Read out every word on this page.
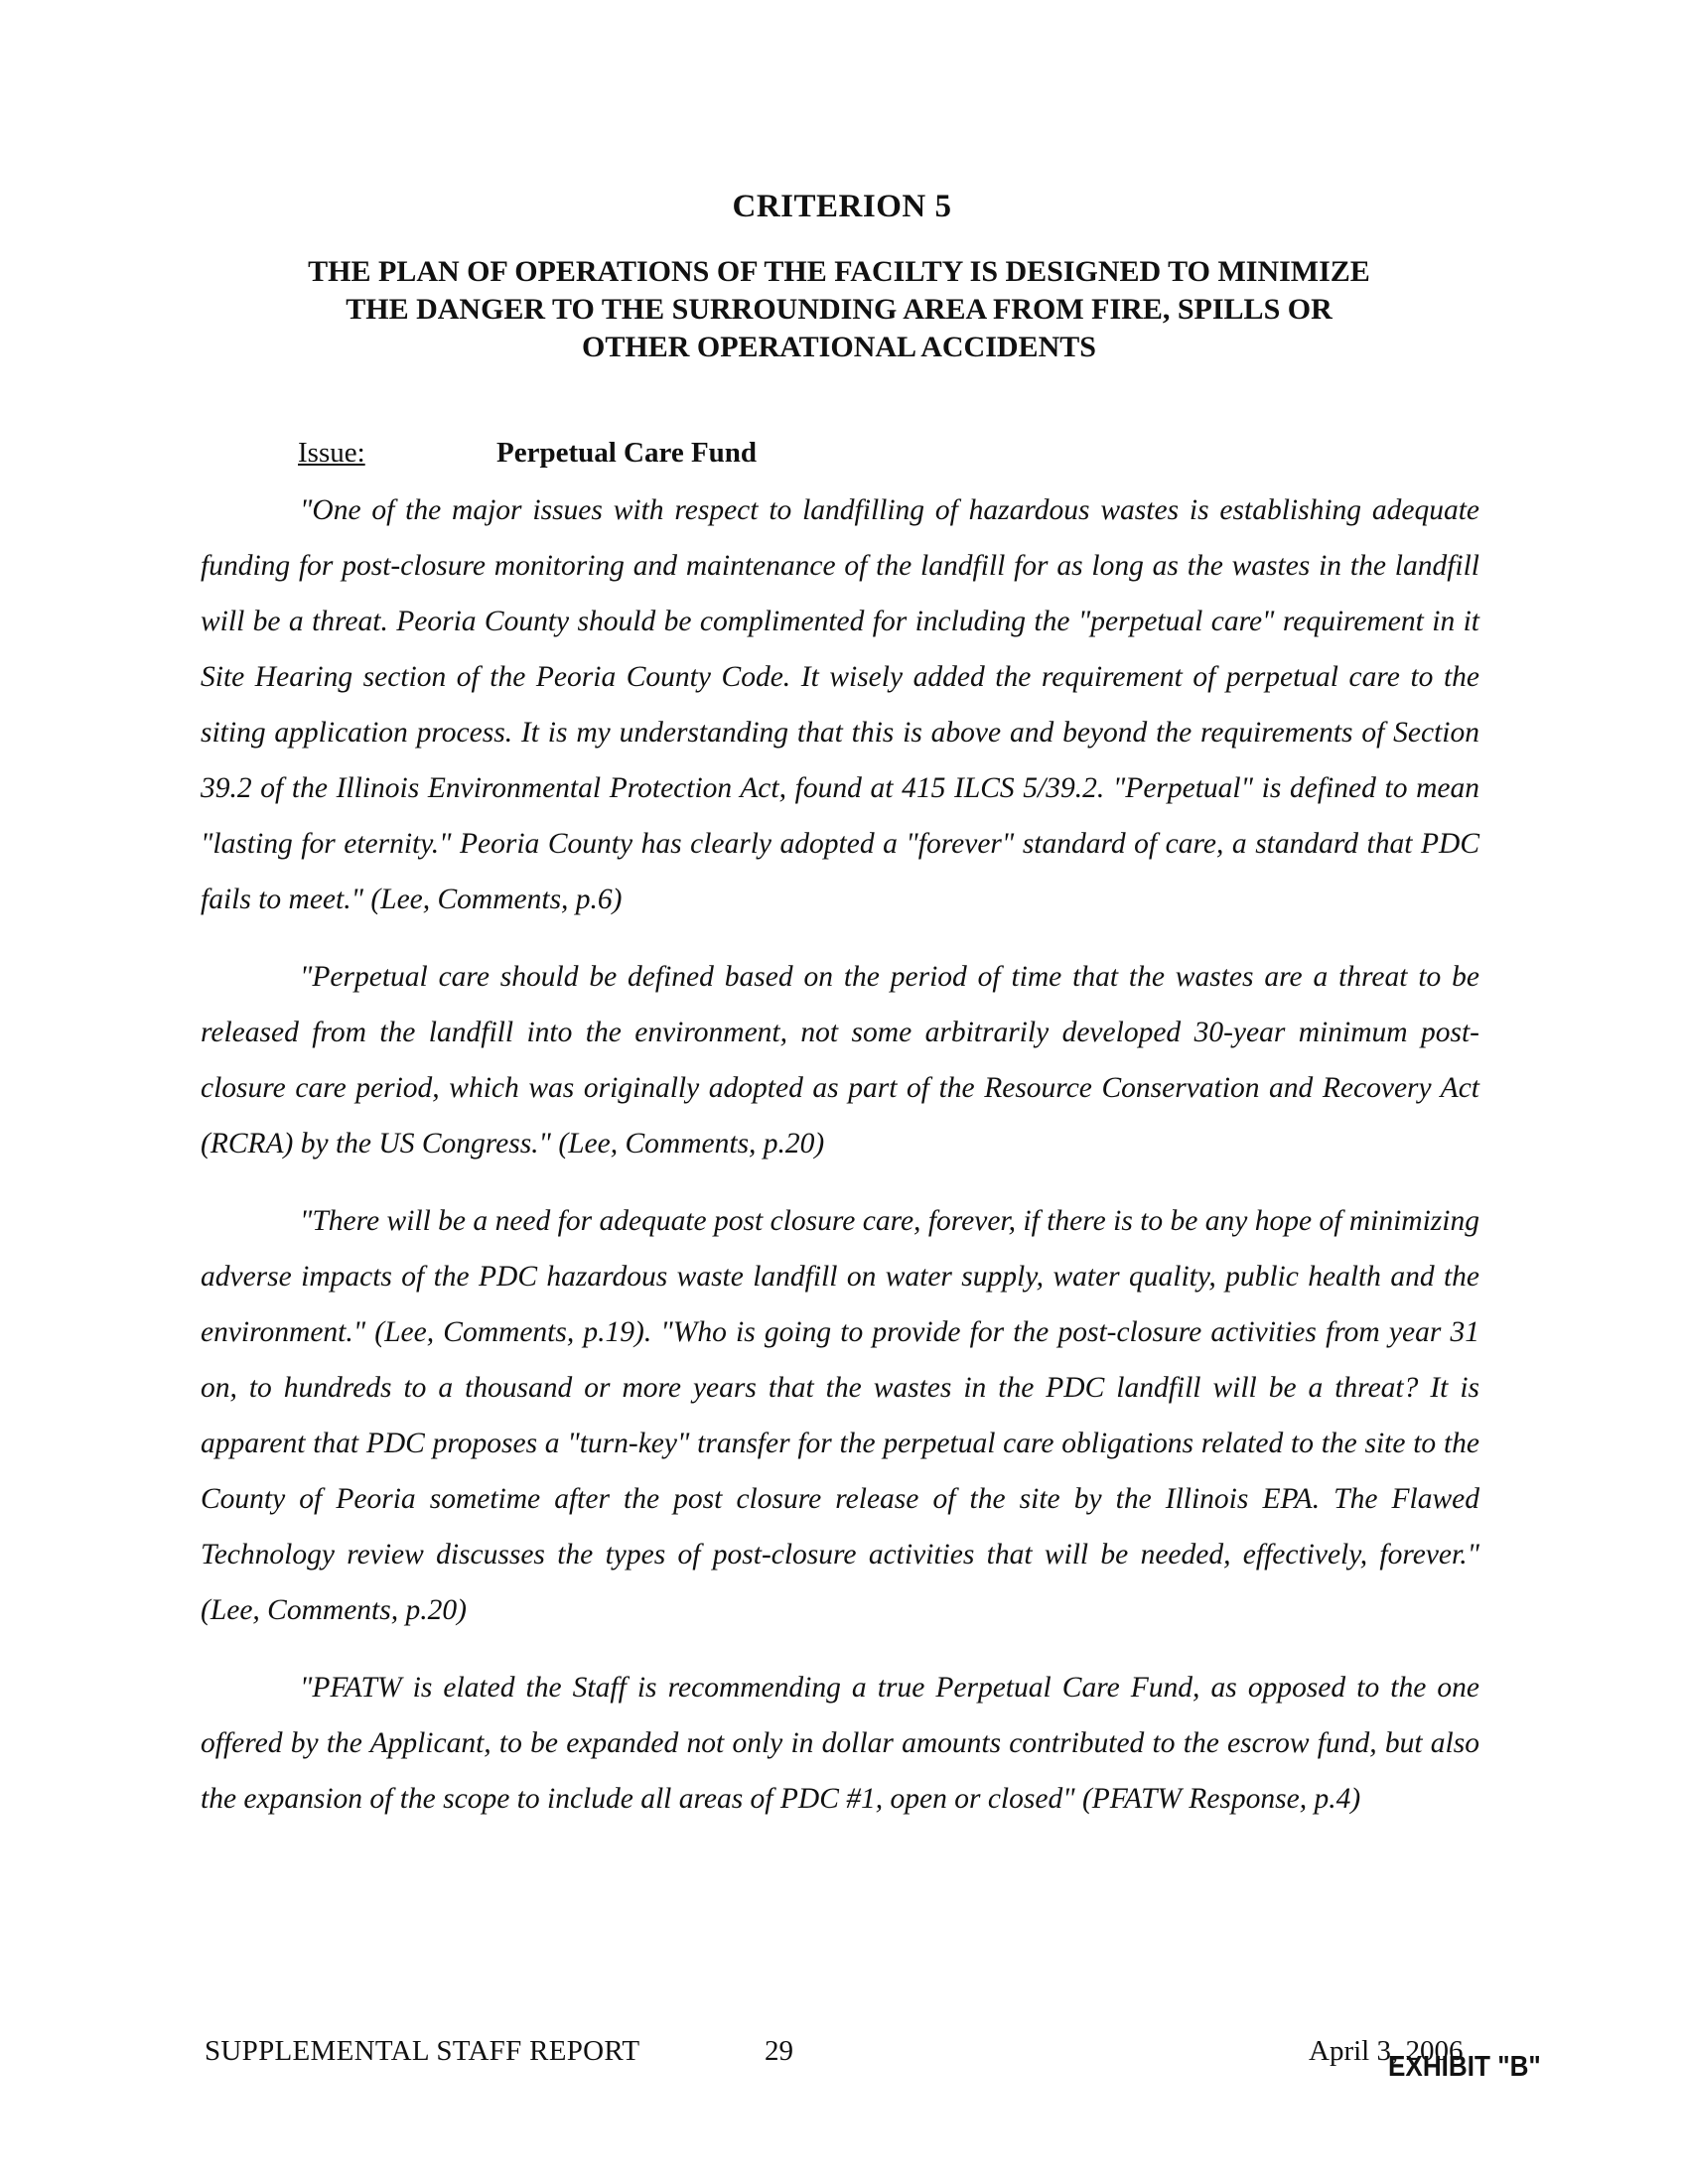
CRITERION 5
THE PLAN OF OPERATIONS OF THE FACILTY IS DESIGNED TO MINIMIZE
THE DANGER TO THE SURROUNDING AREA FROM FIRE, SPILLS OR
OTHER OPERATIONAL ACCIDENTS
Issue:	Perpetual Care Fund

"One of the major issues with respect to landfilling of hazardous wastes is establishing adequate funding for post-closure monitoring and maintenance of the landfill for as long as the wastes in the landfill will be a threat. Peoria County should be complimented for including the "perpetual care" requirement in it Site Hearing section of the Peoria County Code. It wisely added the requirement of perpetual care to the siting application process. It is my understanding that this is above and beyond the requirements of Section 39.2 of the Illinois Environmental Protection Act, found at 415 ILCS 5/39.2. "Perpetual" is defined to mean "lasting for eternity." Peoria County has clearly adopted a "forever" standard of care, a standard that PDC fails to meet." (Lee, Comments, p.6)

"Perpetual care should be defined based on the period of time that the wastes are a threat to be released from the landfill into the environment, not some arbitrarily developed 30-year minimum post-closure care period, which was originally adopted as part of the Resource Conservation and Recovery Act (RCRA) by the US Congress." (Lee, Comments, p.20)

"There will be a need for adequate post closure care, forever, if there is to be any hope of minimizing adverse impacts of the PDC hazardous waste landfill on water supply, water quality, public health and the environment." (Lee, Comments, p.19). "Who is going to provide for the post-closure activities from year 31 on, to hundreds to a thousand or more years that the wastes in the PDC landfill will be a threat? It is apparent that PDC proposes a "turn-key" transfer for the perpetual care obligations related to the site to the County of Peoria sometime after the post closure release of the site by the Illinois EPA. The Flawed Technology review discusses the types of post-closure activities that will be needed, effectively, forever." (Lee, Comments, p.20)

"PFATW is elated the Staff is recommending a true Perpetual Care Fund, as opposed to the one offered by the Applicant, to be expanded not only in dollar amounts contributed to the escrow fund, but also the expansion of the scope to include all areas of PDC #1, open or closed" (PFATW Response, p.4)

SUPPLEMENTAL STAFF REPORT	29	April 3, 2006
EXHIBIT "B"
